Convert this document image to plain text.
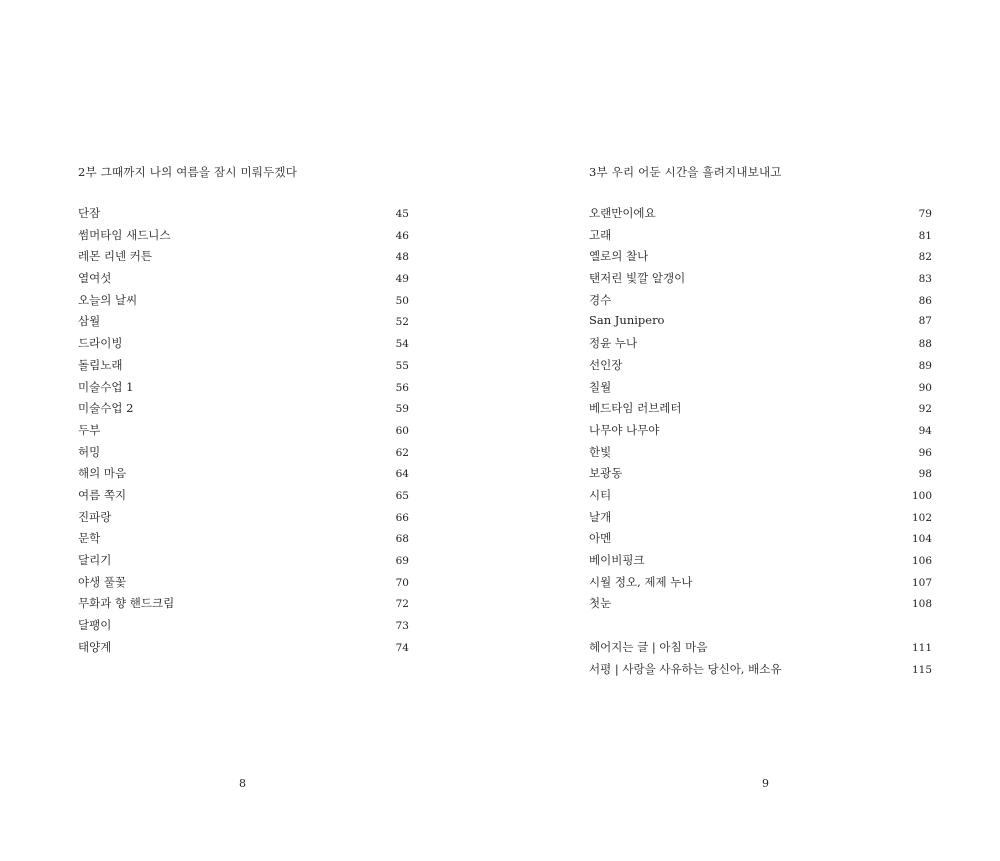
2부 그때까지 나의 여름을 잠시 미뤄두겠다
단잠	45
썸머타임 새드니스	46
레몬 리넨 커튼	48
열여섯	49
오늘의 날씨	50
삼월	52
드라이빙	54
돌림노래	55
미술수업 1	56
미술수업 2	59
두부	60
허밍	62
해의 마음	64
여름 쪽지	65
진파랑	66
문학	68
달리기	69
야생 풀꽃	70
무화과 향 핸드크림	72
달팽이	73
태양계	74
8
3부 우리 어둔 시간을 흘려지내보내고
오랜만이에요	79
고래	81
옐로의 찰나	82
탠저린 빛깔 알갱이	83
경수	86
San Junipero	87
정윤 누나	88
선인장	89
칠월	90
베드타임 러브레터	92
나무야 나무야	94
한빛	96
보광동	98
시티	100
날개	102
아멘	104
베이비핑크	106
시월 정오, 제제 누나	107
첫눈	108
헤어지는 글 | 아침 마음	111
서평 | 사랑을 사유하는 당신아, 배소유	115
9
